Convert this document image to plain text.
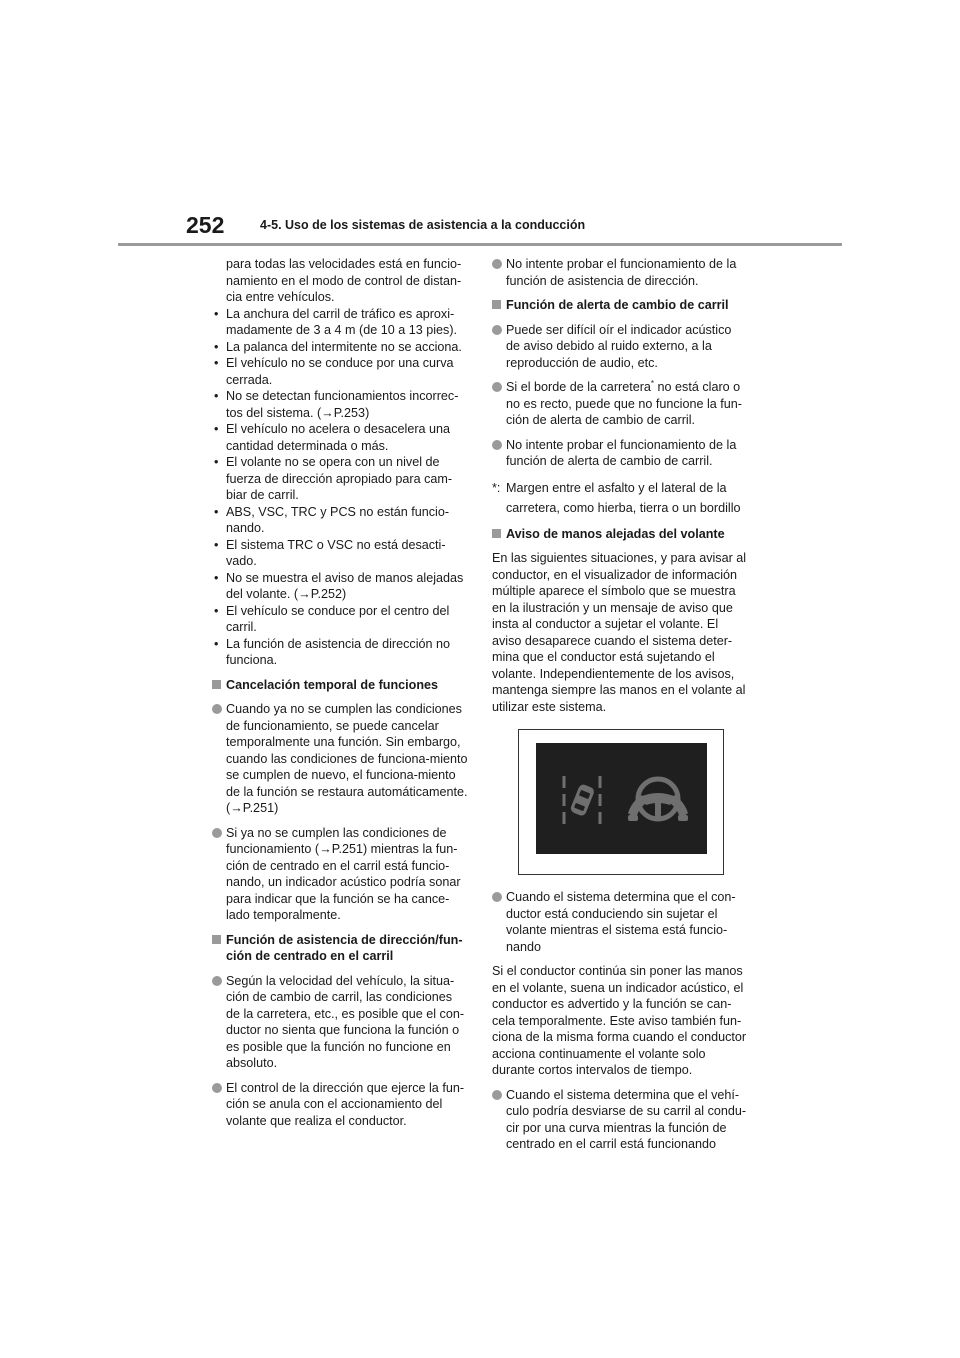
252	4-5. Uso de los sistemas de asistencia a la conducción

para todas las velocidades está en funcio-namiento en el modo de control de distan-cia entre vehículos.

• La anchura del carril de tráfico es aproxi-madamente de 3 a 4 m (de 10 a 13 pies).
• La palanca del intermitente no se acciona.
• El vehículo no se conduce por una curva cerrada.
• No se detectan funcionamientos incorrec-tos del sistema. (→P.253)
• El vehículo no acelera o desacelera una cantidad determinada o más.
• El volante no se opera con un nivel de fuerza de dirección apropiado para cam-biar de carril.
• ABS, VSC, TRC y PCS no están funcio-nando.
• El sistema TRC o VSC no está desacti-vado.
• No se muestra el aviso de manos alejadas del volante. (→P.252)
• El vehículo se conduce por el centro del carril.
• La función de asistencia de dirección no funciona.
Cancelación temporal de funciones
Cuando ya no se cumplen las condiciones de funcionamiento, se puede cancelar temporalmente una función. Sin embargo, cuando las condiciones de funciona-miento se cumplen de nuevo, el funciona-miento de la función se restaura automáticamente. (→P.251)
Si ya no se cumplen las condiciones de funcionamiento (→P.251) mientras la fun-ción de centrado en el carril está funcio-nando, un indicador acústico podría sonar para indicar que la función se ha cance-lado temporalmente.
Función de asistencia de dirección/fun-ción de centrado en el carril
Según la velocidad del vehículo, la situa-ción de cambio de carril, las condiciones de la carretera, etc., es posible que el con-ductor no sienta que funciona la función o es posible que la función no funcione en absoluto.
El control de la dirección que ejerce la fun-ción se anula con el accionamiento del volante que realiza el conductor.
No intente probar el funcionamiento de la función de asistencia de dirección.
Función de alerta de cambio de carril
Puede ser difícil oír el indicador acústico de aviso debido al ruido externo, a la reproducción de audio, etc.
Si el borde de la carretera* no está claro o no es recto, puede que no funcione la fun-ción de alerta de cambio de carril.
No intente probar el funcionamiento de la función de alerta de cambio de carril.
*: Margen entre el asfalto y el lateral de la carretera, como hierba, tierra o un bordillo
Aviso de manos alejadas del volante

En las siguientes situaciones, y para avisar al conductor, en el visualizador de información múltiple aparece el símbolo que se muestra en la ilustración y un mensaje de aviso que insta al conductor a sujetar el volante. El aviso desaparece cuando el sistema deter-mina que el conductor está sujetando el volante. Independientemente de los avisos, mantenga siempre las manos en el volante al utilizar este sistema.

Cuando el sistema determina que el con-ductor está conduciendo sin sujetar el volante mientras el sistema está funcio-nando

Si el conductor continúa sin poner las manos en el volante, suena un indicador acústico, el conductor es advertido y la función se can-cela temporalmente. Este aviso también fun-ciona de la misma forma cuando el conductor acciona continuamente el volante solo durante cortos intervalos de tiempo.

Cuando el sistema determina que el vehí-culo podría desviarse de su carril al condu-cir por una curva mientras la función de centrado en el carril está funcionando
